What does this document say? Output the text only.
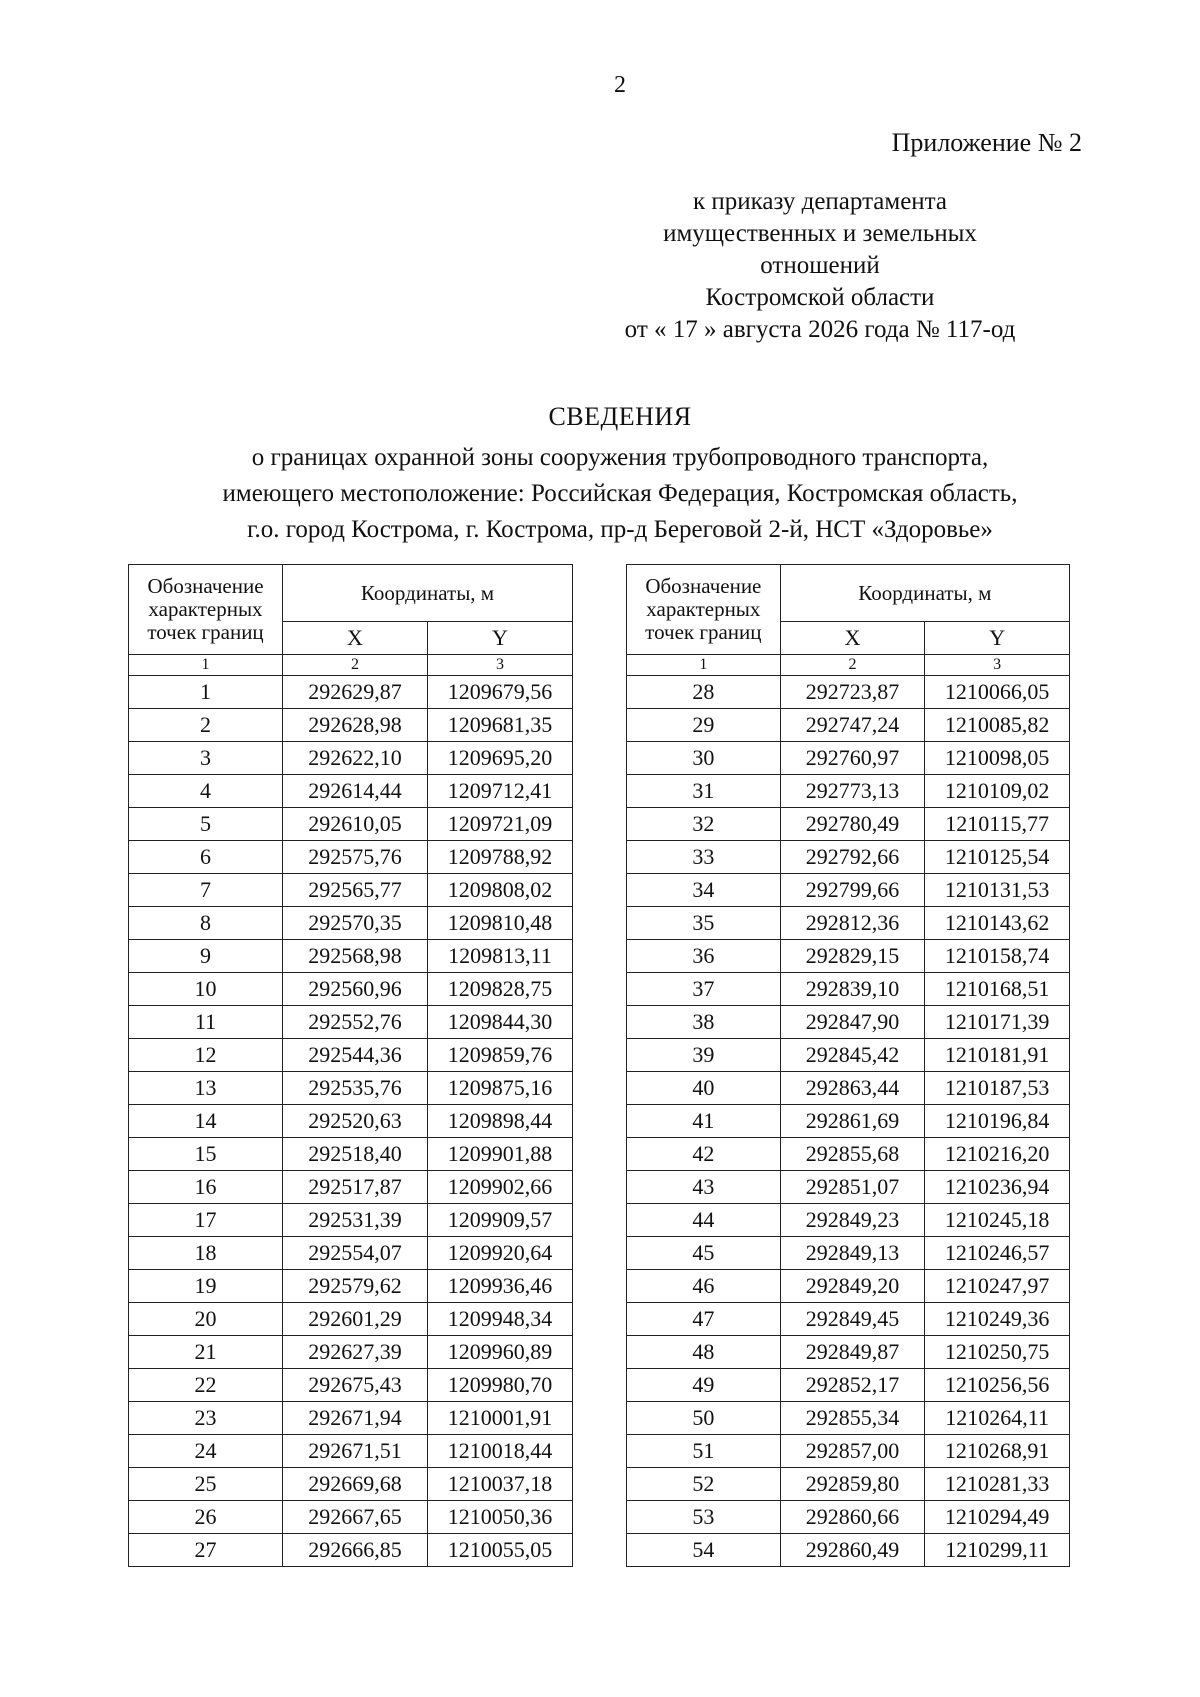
2
Приложение № 2
к приказу департамента
имущественных и земельных
отношений
Костромской области
от « 17 » августа 2026 года № 117-од
СВЕДЕНИЯ
о границах охранной зоны сооружения трубопроводного транспорта,
имеющего местоположение: Российская Федерация, Костромская область,
г.о. город Кострома, г. Кострома, пр-д Береговой 2-й, НСТ «Здоровье»
Обозначение характерных точек границ	Координаты, м	
	X	Y
1	2	3
1	292629,87	1209679,56
2	292628,98	1209681,35
3	292622,10	1209695,20
4	292614,44	1209712,41
5	292610,05	1209721,09
6	292575,76	1209788,92
7	292565,77	1209808,02
8	292570,35	1209810,48
9	292568,98	1209813,11
10	292560,96	1209828,75
11	292552,76	1209844,30
12	292544,36	1209859,76
13	292535,76	1209875,16
14	292520,63	1209898,44
15	292518,40	1209901,88
16	292517,87	1209902,66
17	292531,39	1209909,57
18	292554,07	1209920,64
19	292579,62	1209936,46
20	292601,29	1209948,34
21	292627,39	1209960,89
22	292675,43	1209980,70
23	292671,94	1210001,91
24	292671,51	1210018,44
25	292669,68	1210037,18
26	292667,65	1210050,36
27	292666,85	1210055,05
Обозначение характерных точек границ	Координаты, м	
	X	Y
1	2	3
28	292723,87	1210066,05
29	292747,24	1210085,82
30	292760,97	1210098,05
31	292773,13	1210109,02
32	292780,49	1210115,77
33	292792,66	1210125,54
34	292799,66	1210131,53
35	292812,36	1210143,62
36	292829,15	1210158,74
37	292839,10	1210168,51
38	292847,90	1210171,39
39	292845,42	1210181,91
40	292863,44	1210187,53
41	292861,69	1210196,84
42	292855,68	1210216,20
43	292851,07	1210236,94
44	292849,23	1210245,18
45	292849,13	1210246,57
46	292849,20	1210247,97
47	292849,45	1210249,36
48	292849,87	1210250,75
49	292852,17	1210256,56
50	292855,34	1210264,11
51	292857,00	1210268,91
52	292859,80	1210281,33
53	292860,66	1210294,49
54	292860,49	1210299,11
